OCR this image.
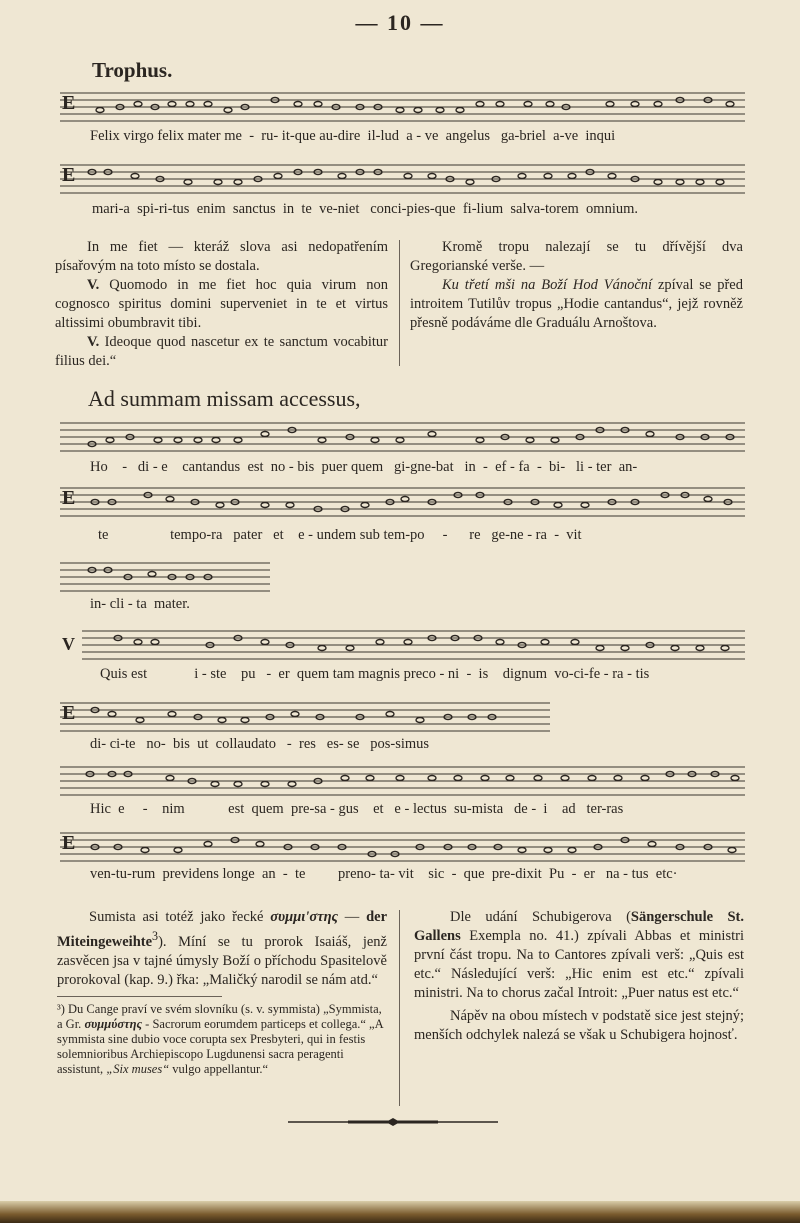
— 10 —
Trophus.
E
Felix virgo felix mater me  -  ru- it-que au-dire  il-lud  a - ve  angelus   ga-briel  a-ve  inqui
E
mari-a  spi-ri-tus  enim  sanctus  in  te  ve-niet   conci-pies-que  fi-lium  salva-torem  omnium.

In me fiet — kteráž slova asi nedopatřením písařovým na toto místo se dostala.

V. Quomodo in me fiet hoc quia virum non cognosco spiritus domini superveniet in te et virtus altissimi obumbravit tibi.

V. Ideoque quod nascetur ex te sanctum vocabitur filius dei.“

Kromě tropu nalezají se tu dřívější dva Gregorianské verše. —

Ku třetí mši na Boží Hod Vánoční zpíval se před introitem Tutilův tropus „Hodie cantandus“, jejž rovněž přesně podáváme dle Graduálu Arnoštova.

Ad summam missam accessus,
Ho    -   di - e    cantandus  est  no - bis  puer quem   gi-gne-bat   in  -  ef - fa  -  bi-   li - ter  an-
E
te                 tempo-ra   pater   et    e - undem sub tem-po     -      re   ge-ne - ra  -  vit
in- cli - ta  mater.
V
Quis est             i - ste    pu   -  er  quem tam magnis preco - ni  -  is    dignum  vo-ci-fe - ra - tis
E
di- ci-te   no-  bis  ut  collaudato   -  res   es- se   pos-simus
Hic  e     -    nim            est  quem  pre-sa - gus    et   e - lectus  su-mista   de -  i    ad   ter-ras
E
ven-tu-rum  previdens longe  an  -  te         preno- ta- vit    sic  -  que  pre-dixit  Pu  -  er   na - tus  etc·

Sumista asi totéž jako řecké συμμι'στης — der Miteingeweihte$^3$). Míní se tu prorok Isaiáš, jenž zasvěcen jsa v tajné úmysly Boží o příchodu Spasitelově prorokoval (kap. 9.) řka: „Maličký narodil se nám atd.“

³) Du Cange praví ve svém slovníku (s. v. symmista) „Symmista, a Gr. συμμύστης - Sacrorum eorumdem particeps et collega.“ „A symmista sine dubio voce corupta sex Presbyteri, qui in festis solemnioribus Archiepiscopo Lugdunensi sacra peragenti assistunt, „Six muses“ vulgo appellantur.“

Dle udání Schubigerova (Sängerschule St. Gallens Exempla no. 41.) zpívali Abbas et ministri první část tropu. Na to Cantores zpívali verš: „Quis est etc.“ Následující verš: „Hic enim est etc.“ zpívali ministri. Na to chorus začal Introit: „Puer natus est etc.“

Nápěv na obou místech v podstatě sice jest stejný; menších odchylek nalezá se však u Schubigera hojnosť.
